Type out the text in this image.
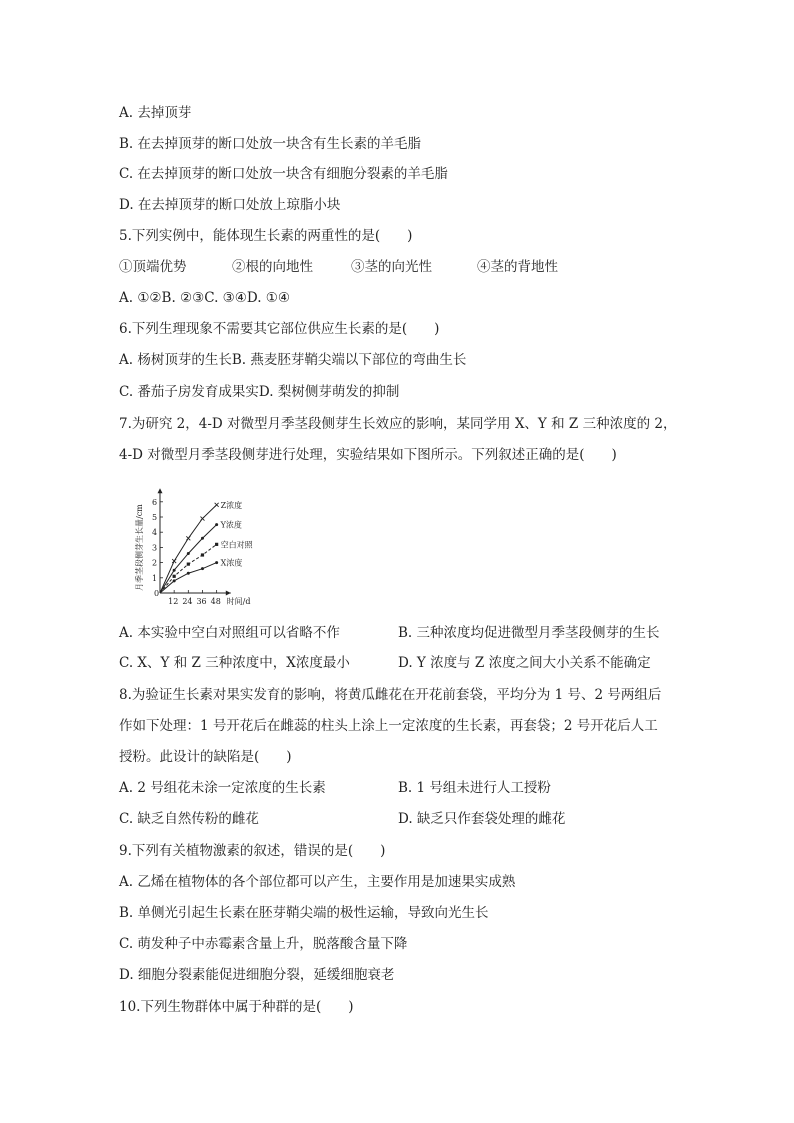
A. 去掉顶芽
B. 在去掉顶芽的断口处放一块含有生长素的羊毛脂
C. 在去掉顶芽的断口处放一块含有细胞分裂素的羊毛脂
D. 在去掉顶芽的断口处放上琼脂小块
5.下列实例中，能体现生长素的两重性的是(　　)
①顶端优势	②根的向地性	③茎的向光性	④茎的背地性
A. ①②B. ②③C. ③④D. ①④
6.下列生理现象不需要其它部位供应生长素的是(　　)
A. 杨树顶芽的生长B. 燕麦胚芽鞘尖端以下部位的弯曲生长
C. 番茄子房发育成果实D. 梨树侧芽萌发的抑制
7.为研究 2，4-D 对微型月季茎段侧芽生长效应的影响，某同学用 X、Y 和 Z 三种浓度的 2，
4-D 对微型月季茎段侧芽进行处理，实验结果如下图所示。下列叙述正确的是(　　)
0
1
2
3
4
5
6
12 24 36 48 时间/d
月季茎段侧芽生长量/cm	Z浓度
Y浓度
空白对照
X浓度
A. 本实验中空白对照组可以省略不作	B. 三种浓度均促进微型月季茎段侧芽的生长
C. X、Y 和 Z 三种浓度中，X浓度最小	D. Y 浓度与 Z 浓度之间大小关系不能确定
8.为验证生长素对果实发育的影响，将黄瓜雌花在开花前套袋，平均分为 1 号、2 号两组后
作如下处理：1 号开花后在雌蕊的柱头上涂上一定浓度的生长素，再套袋；2 号开花后人工
授粉。此设计的缺陷是(　　)
A. 2 号组花未涂一定浓度的生长素	B. 1 号组未进行人工授粉
C. 缺乏自然传粉的雌花	D. 缺乏只作套袋处理的雌花
9.下列有关植物激素的叙述，错误的是(　　)
A. 乙烯在植物体的各个部位都可以产生，主要作用是加速果实成熟
B. 单侧光引起生长素在胚芽鞘尖端的极性运输，导致向光生长
C. 萌发种子中赤霉素含量上升，脱落酸含量下降
D. 细胞分裂素能促进细胞分裂，延缓细胞衰老
10.下列生物群体中属于种群的是(　　)
